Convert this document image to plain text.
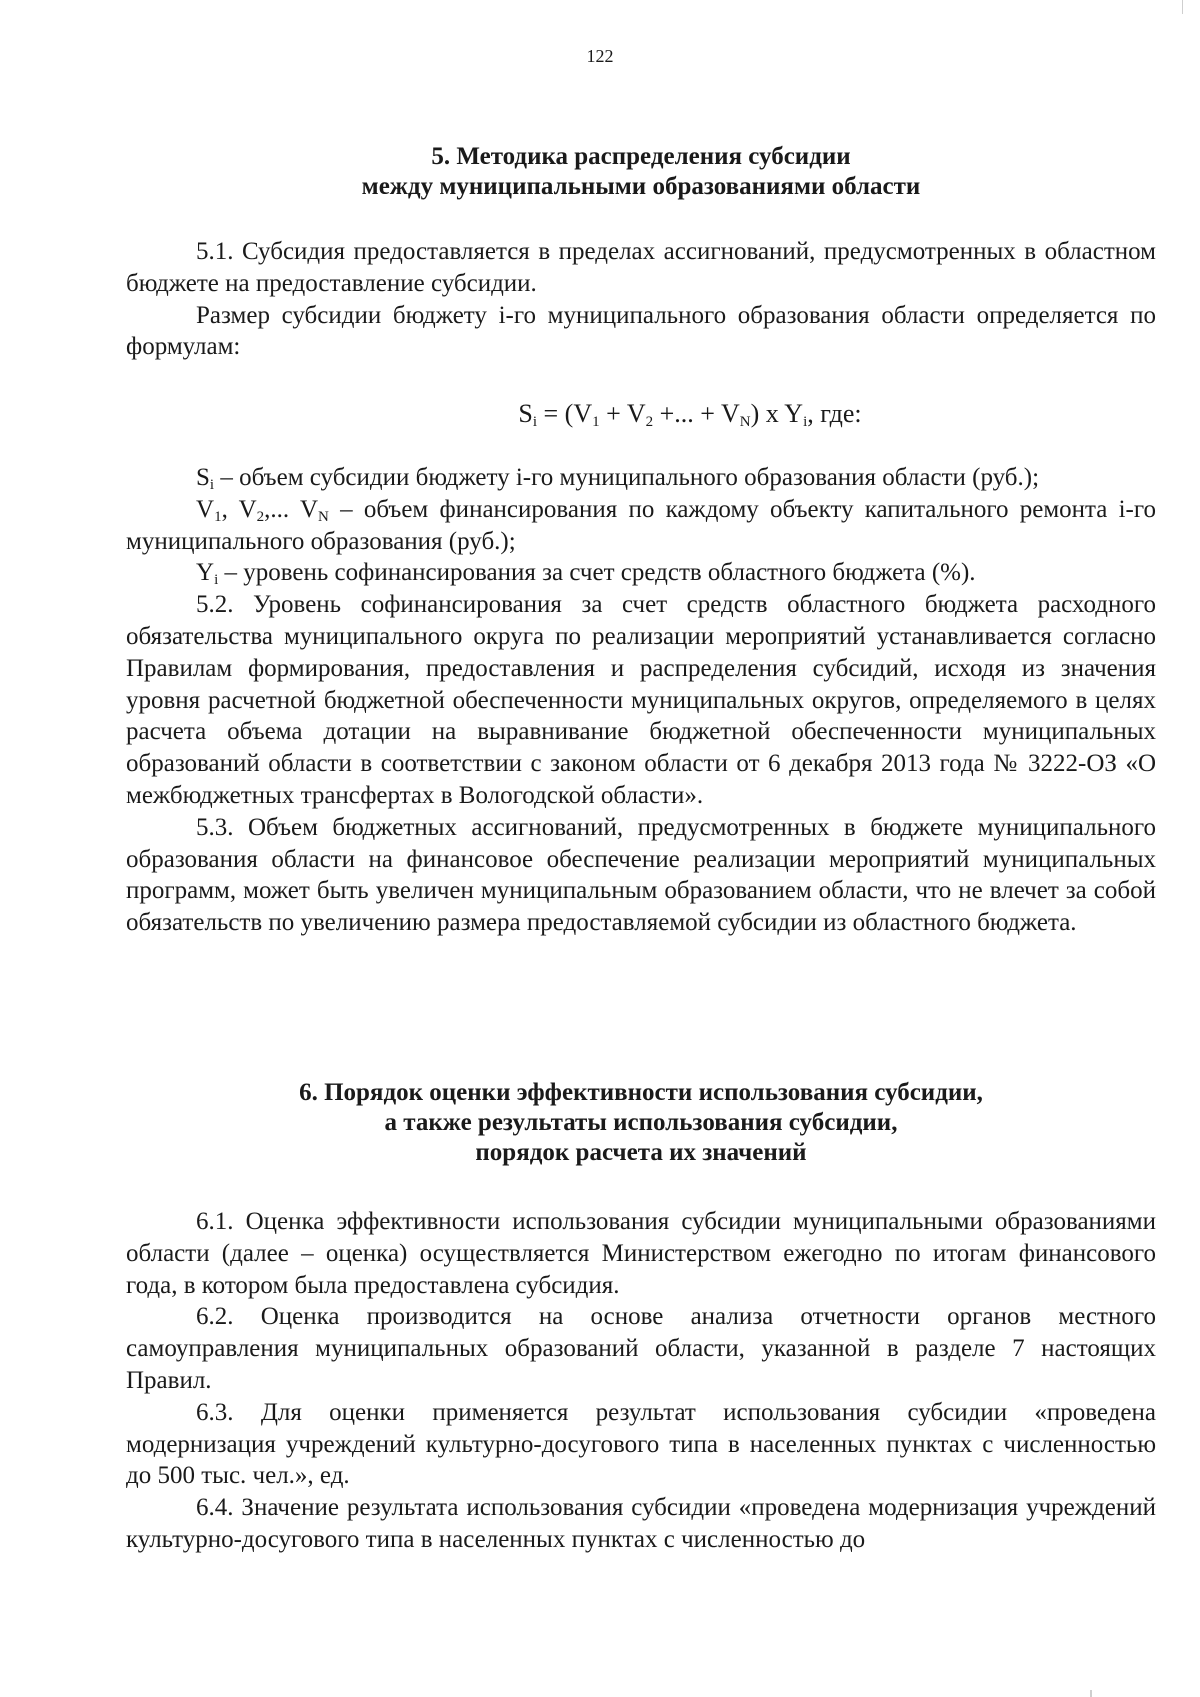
122
5. Методика распределения субсидии
между муниципальными образованиями области

5.1. Субсидия предоставляется в пределах ассигнований, предусмотренных в областном бюджете на предоставление субсидии.

Размер субсидии бюджету i-го муниципального образования области определяется по формулам:

$S_i = (V_1 + V_2$ +... + $V_N$) x $Y_i$, где:

$S_i$ – объем субсидии бюджету i-го муниципального образования области (руб.);

$V_1$, $V_2$,... $V_N$ – объем финансирования по каждому объекту капитального ремонта i-го муниципального образования (руб.);

$Y_i$ – уровень софинансирования за счет средств областного бюджета (%).

5.2. Уровень софинансирования за счет средств областного бюджета расходного обязательства муниципального округа по реализации мероприятий устанавливается согласно Правилам формирования, предоставления и распределения субсидий, исходя из значения уровня расчетной бюджетной обеспеченности муниципальных округов, определяемого в целях расчета объема дотации на выравнивание бюджетной обеспеченности муниципальных образований области в соответствии с законом области от 6 декабря 2013 года № 3222-ОЗ «О межбюджетных трансфертах в Вологодской области».

5.3. Объем бюджетных ассигнований, предусмотренных в бюджете муниципального образования области на финансовое обеспечение реализации мероприятий муниципальных программ, может быть увеличен муниципальным образованием области, что не влечет за собой обязательств по увеличению размера предоставляемой субсидии из областного бюджета.

6. Порядок оценки эффективности использования субсидии,
а также результаты использования субсидии,
порядок расчета их значений

6.1. Оценка эффективности использования субсидии муниципальными образованиями области (далее – оценка) осуществляется Министерством ежегодно по итогам финансового года, в котором была предоставлена субсидия.

6.2. Оценка производится на основе анализа отчетности органов местного самоуправления муниципальных образований области, указанной в разделе 7 настоящих Правил.

6.3. Для оценки применяется результат использования субсидии «проведена модернизация учреждений культурно-досугового типа в населенных пунктах с численностью до 500 тыс. чел.», ед.

6.4. Значение результата использования субсидии «проведена модернизация учреждений культурно-досугового типа в населенных пунктах с численностью до
